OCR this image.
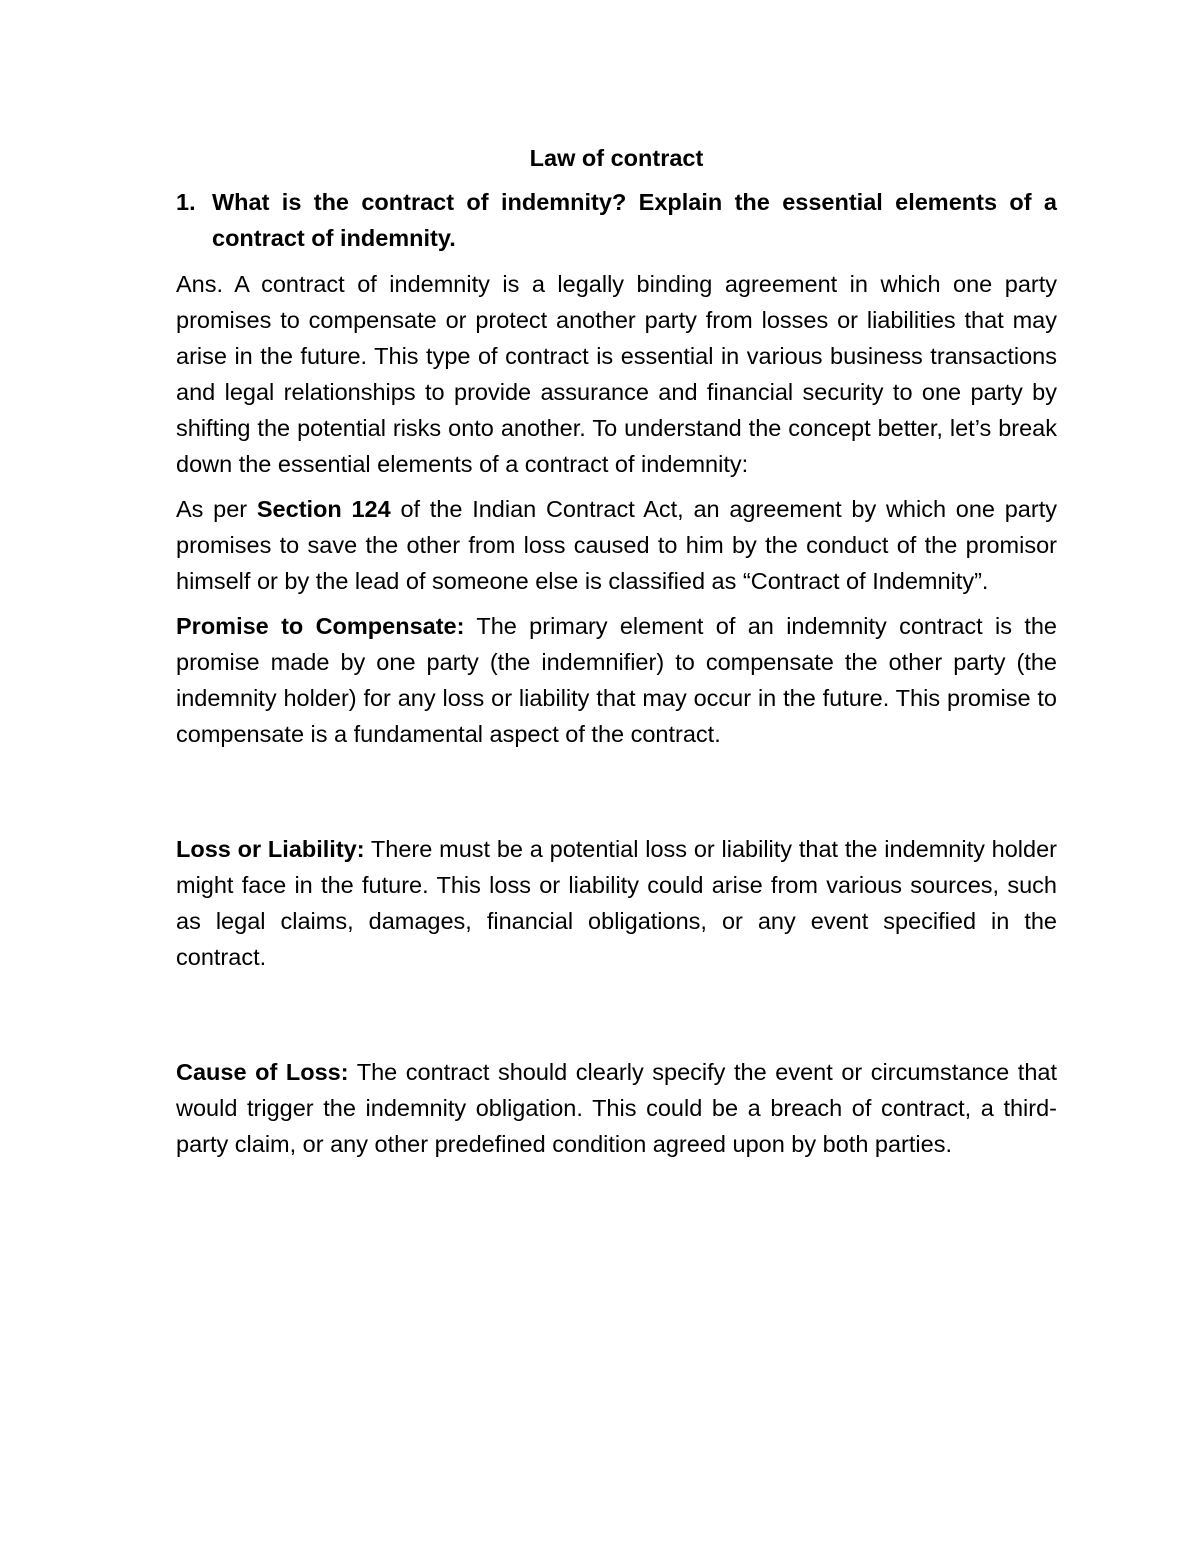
Law of contract
1. What is the contract of indemnity? Explain the essential elements of a contract of indemnity.

Ans. A contract of indemnity is a legally binding agreement in which one party promises to compensate or protect another party from losses or liabilities that may arise in the future. This type of contract is essential in various business transactions and legal relationships to provide assurance and financial security to one party by shifting the potential risks onto another. To understand the concept better, let’s break down the essential elements of a contract of indemnity:

As per Section 124 of the Indian Contract Act, an agreement by which one party promises to save the other from loss caused to him by the conduct of the promisor himself or by the lead of someone else is classified as “Contract of Indemnity”.

Promise to Compensate: The primary element of an indemnity contract is the promise made by one party (the indemnifier) to compensate the other party (the indemnity holder) for any loss or liability that may occur in the future. This promise to compensate is a fundamental aspect of the contract.

Loss or Liability: There must be a potential loss or liability that the indemnity holder might face in the future. This loss or liability could arise from various sources, such as legal claims, damages, financial obligations, or any event specified in the contract.

Cause of Loss: The contract should clearly specify the event or circumstance that would trigger the indemnity obligation. This could be a breach of contract, a third-party claim, or any other predefined condition agreed upon by both parties.
